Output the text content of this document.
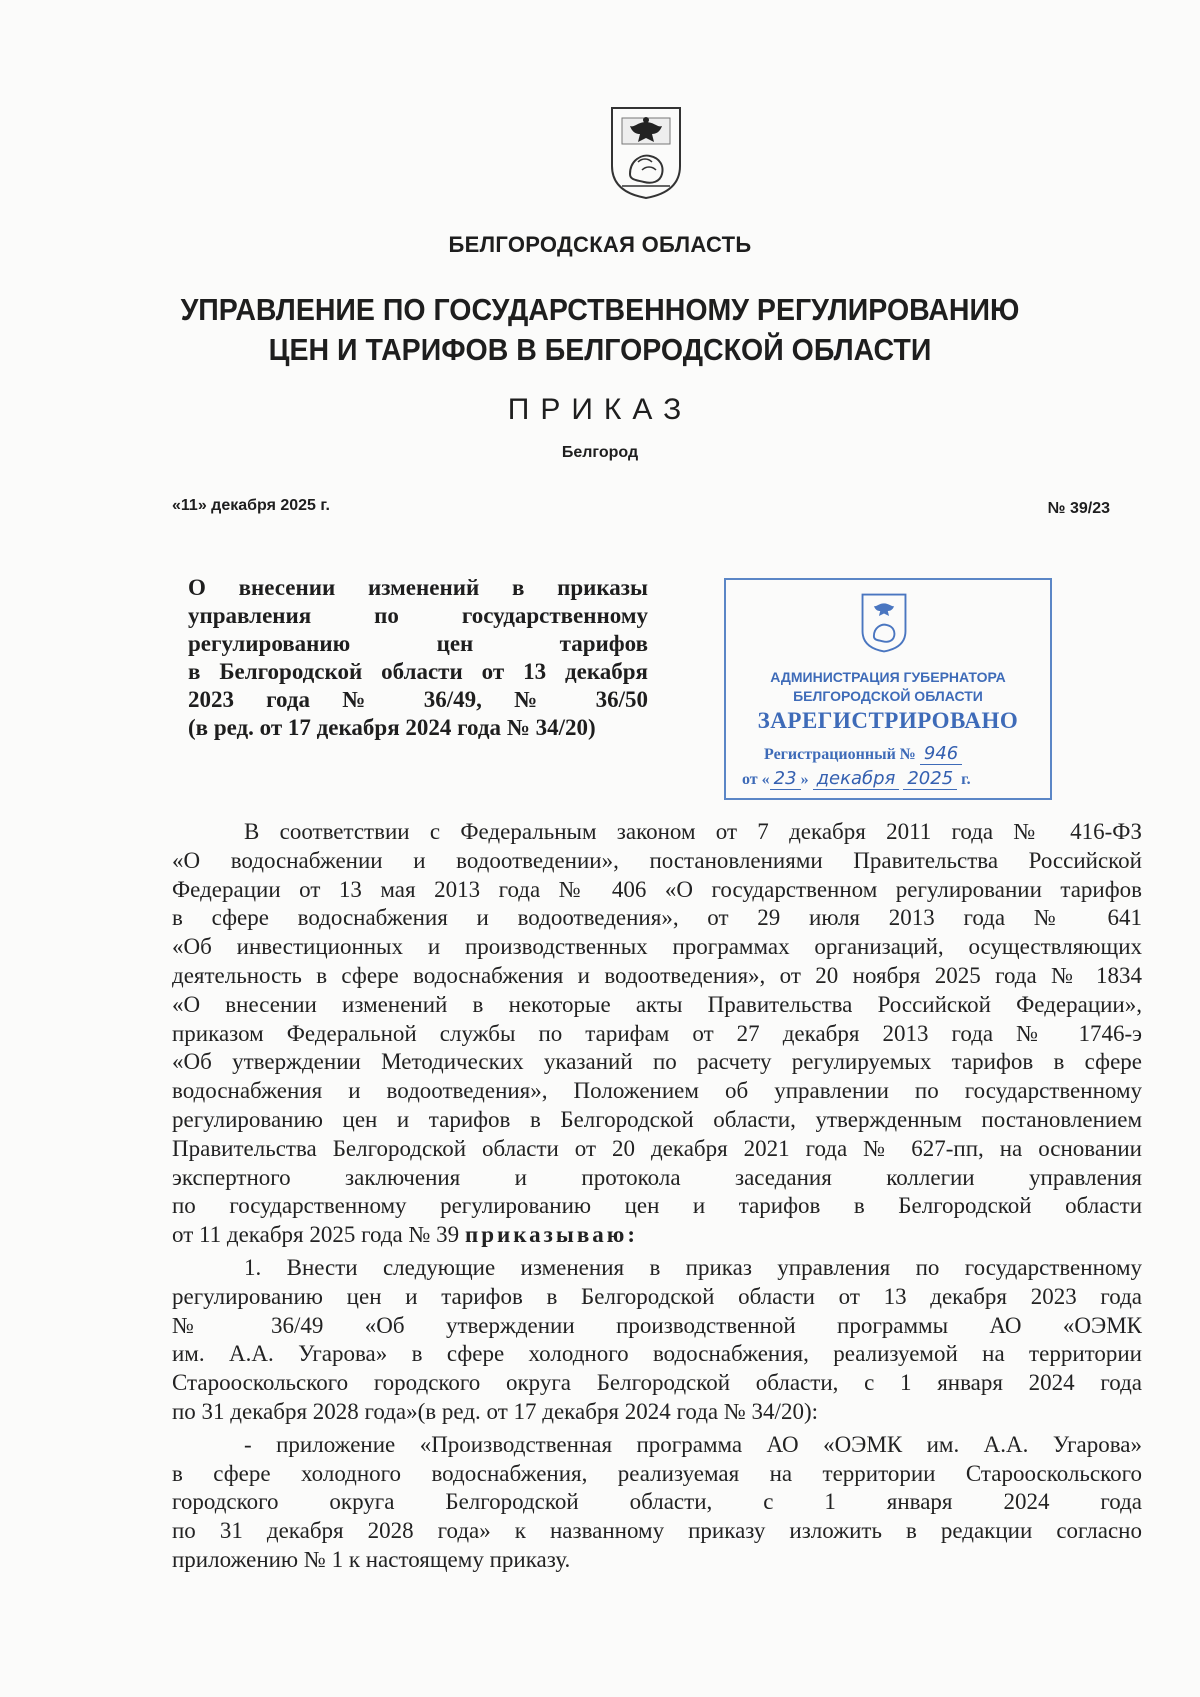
БЕЛГОРОДСКАЯ ОБЛАСТЬ
УПРАВЛЕНИЕ ПО ГОСУДАРСТВЕННОМУ РЕГУЛИРОВАНИЮ
ЦЕН И ТАРИФОВ В БЕЛГОРОДСКОЙ ОБЛАСТИ
ПРИКАЗ
Белгород
«11» декабря 2025 г.	№ 39/23
О внесении изменений в приказы
управления по государственному
регулированию цен тарифов
в Белгородской области от 13 декабря
2023 года № 36/49, № 36/50
(в ред. от 17 декабря 2024 года № 34/20)
АДМИНИСТРАЦИЯ ГУБЕРНАТОРА
БЕЛГОРОДСКОЙ ОБЛАСТИ
ЗАРЕГИСТРИРОВАНО
Регистрационный № 946
от « 23 » декабря 2025 г.
В соответствии с Федеральным законом от 7 декабря 2011 года № 416-ФЗ
«О водоснабжении и водоотведении», постановлениями Правительства Российской
Федерации от 13 мая 2013 года № 406 «О государственном регулировании тарифов
в сфере водоснабжения и водоотведения», от 29 июля 2013 года № 641
«Об инвестиционных и производственных программах организаций, осуществляющих
деятельность в сфере водоснабжения и водоотведения», от 20 ноября 2025 года № 1834
«О внесении изменений в некоторые акты Правительства Российской Федерации»,
приказом Федеральной службы по тарифам от 27 декабря 2013 года № 1746-э
«Об утверждении Методических указаний по расчету регулируемых тарифов в сфере
водоснабжения и водоотведения», Положением об управлении по государственному
регулированию цен и тарифов в Белгородской области, утвержденным постановлением
Правительства Белгородской области от 20 декабря 2021 года № 627-пп, на основании
экспертного заключения и протокола заседания коллегии управления
по государственному регулированию цен и тарифов в Белгородской области
от 11 декабря 2025 года № 39 приказываю:
1. Внести следующие изменения в приказ управления по государственному
регулированию цен и тарифов в Белгородской области от 13 декабря 2023 года
№ 36/49 «Об утверждении производственной программы АО «ОЭМК
им. А.А. Угарова» в сфере холодного водоснабжения, реализуемой на территории
Старооскольского городского округа Белгородской области, с 1 января 2024 года
по 31 декабря 2028 года»(в ред. от 17 декабря 2024 года № 34/20):
- приложение «Производственная программа АО «ОЭМК им. А.А. Угарова»
в сфере холодного водоснабжения, реализуемая на территории Старооскольского
городского округа Белгородской области, с 1 января 2024 года
по 31 декабря 2028 года» к названному приказу изложить в редакции согласно
приложению № 1 к настоящему приказу.
